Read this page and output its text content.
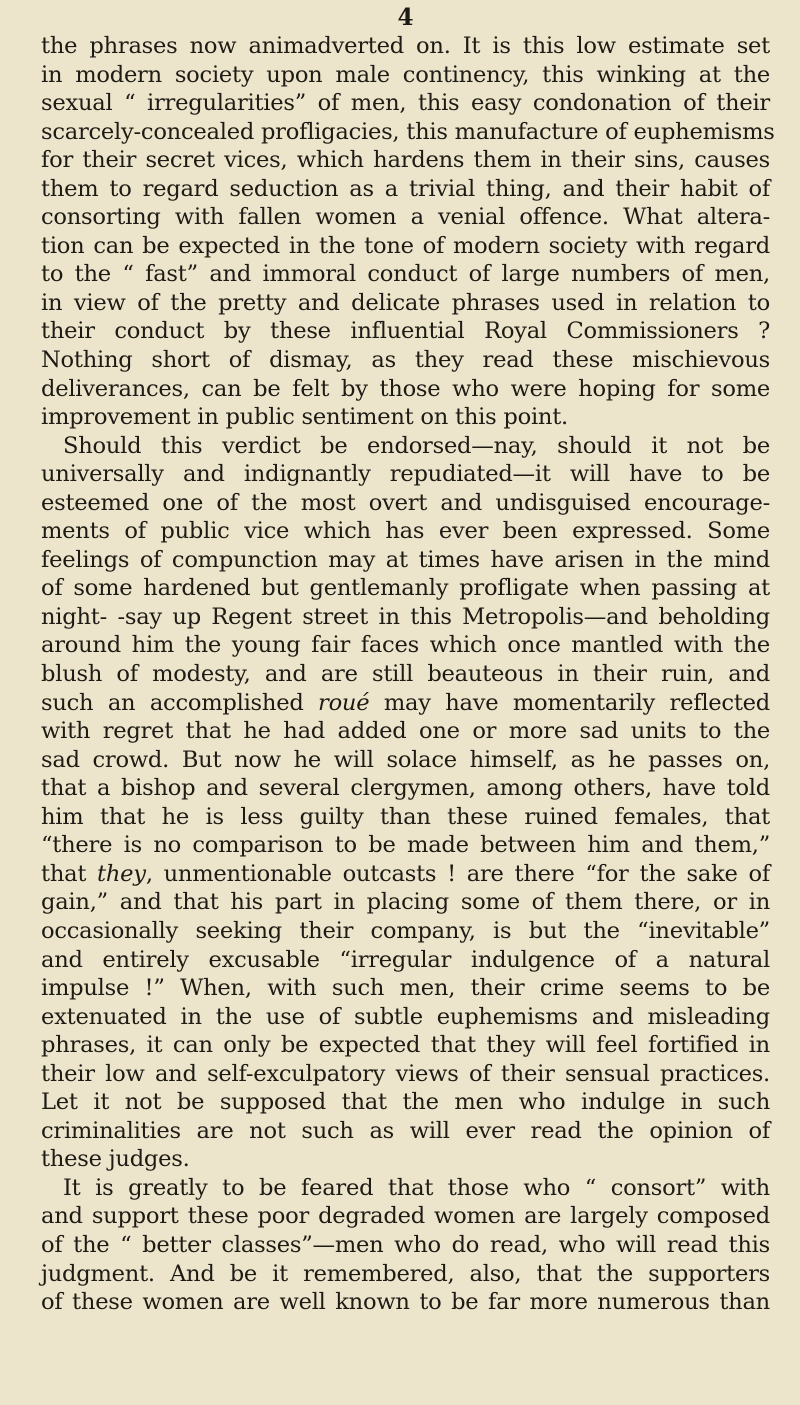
4
the phrases now animadverted on. It is this low estimate set
in modern society upon male continency, this winking at the
sexual “ irregularities” of men, this easy condonation of their
scarcely-concealed profligacies, this manufacture of euphemisms
for their secret vices, which hardens them in their sins, causes
them to regard seduction as a trivial thing, and their habit of
consorting with fallen women a venial offence. What altera-
tion can be expected in the tone of modern society with regard
to the “ fast” and immoral conduct of large numbers of men,
in view of the pretty and delicate phrases used in relation to
their conduct by these influential Royal Commissioners ?
Nothing short of dismay, as they read these mischievous
deliverances, can be felt by those who were hoping for some
improvement in public sentiment on this point.
Should this verdict be endorsed—nay, should it not be
universally and indignantly repudiated—it will have to be
esteemed one of the most overt and undisguised encourage-
ments of public vice which has ever been expressed. Some
feelings of compunction may at times have arisen in the mind
of some hardened but gentlemanly profligate when passing at
night- -say up Regent street in this Metropolis—and beholding
around him the young fair faces which once mantled with the
blush of modesty, and are still beauteous in their ruin, and
such an accomplished roué may have momentarily reflected
with regret that he had added one or more sad units to the
sad crowd. But now he will solace himself, as he passes on,
that a bishop and several clergymen, among others, have told
him that he is less guilty than these ruined females, that
“there is no comparison to be made between him and them,”
that they, unmentionable outcasts ! are there “for the sake of
gain,” and that his part in placing some of them there, or in
occasionally seeking their company, is but the “inevitable”
and entirely excusable “irregular indulgence of a natural
impulse !” When, with such men, their crime seems to be
extenuated in the use of subtle euphemisms and misleading
phrases, it can only be expected that they will feel fortified in
their low and self-exculpatory views of their sensual practices.
Let it not be supposed that the men who indulge in such
criminalities are not such as will ever read the opinion of
these judges.
It is greatly to be feared that those who “ consort” with
and support these poor degraded women are largely composed
of the “ better classes”—men who do read, who will read this
judgment. And be it remembered, also, that the supporters
of these women are well known to be far more numerous than
